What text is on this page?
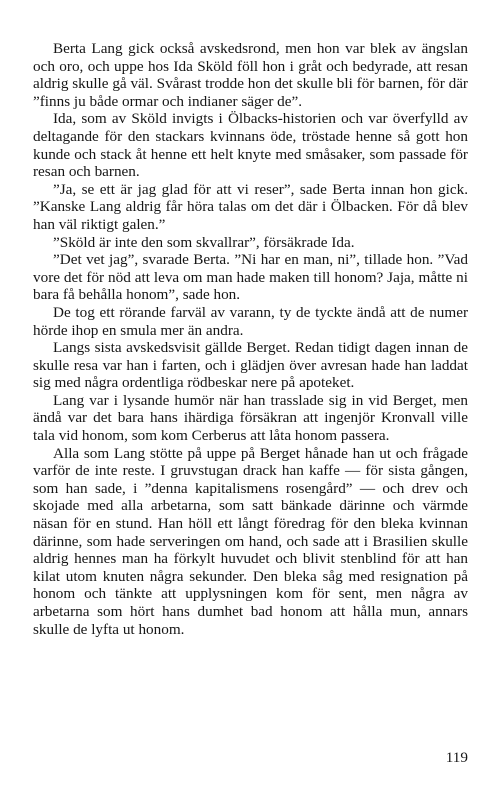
Berta Lang gick också avskedsrond, men hon var blek av ängslan och oro, och uppe hos Ida Sköld föll hon i gråt och bedyrade, att resan aldrig skulle gå väl. Svårast trodde hon det skulle bli för barnen, för där ”finns ju både ormar och indianer säger de”.

Ida, som av Sköld invigts i Ölbacks-historien och var överfylld av deltagande för den stackars kvinnans öde, tröstade henne så gott hon kunde och stack åt henne ett helt knyte med småsaker, som passade för resan och barnen.

”Ja, se ett är jag glad för att vi reser”, sade Berta innan hon gick. ”Kanske Lang aldrig får höra talas om det där i Ölbacken. För då blev han väl riktigt galen.”

”Sköld är inte den som skvallrar”, försäkrade Ida.

”Det vet jag”, svarade Berta. ”Ni har en man, ni”, tillade hon. ”Vad vore det för nöd att leva om man hade maken till honom? Jaja, måtte ni bara få behålla honom”, sade hon.

De tog ett rörande farväl av varann, ty de tyckte ändå att de numer hörde ihop en smula mer än andra.

Langs sista avskedsvisit gällde Berget. Redan tidigt dagen innan de skulle resa var han i farten, och i glädjen över avresan hade han laddat sig med några ordentliga rödbeskar nere på apoteket.

Lang var i lysande humör när han trasslade sig in vid Berget, men ändå var det bara hans ihärdiga försäkran att ingenjör Kronvall ville tala vid honom, som kom Cerberus att låta honom passera.

Alla som Lang stötte på uppe på Berget hånade han ut och frågade varför de inte reste. I gruvstugan drack han kaffe — för sista gången, som han sade, i ”denna kapitalismens rosengård” — och drev och skojade med alla arbetarna, som satt bänkade därinne och värmde näsan för en stund. Han höll ett långt föredrag för den bleka kvinnan därinne, som hade serveringen om hand, och sade att i Brasilien skulle aldrig hennes man ha förkylt huvudet och blivit stenblind för att han kilat utom knuten några sekunder. Den bleka såg med resignation på honom och tänkte att upplysningen kom för sent, men några av arbetarna som hört hans dumhet bad honom att hålla mun, annars skulle de lyfta ut honom.

119
